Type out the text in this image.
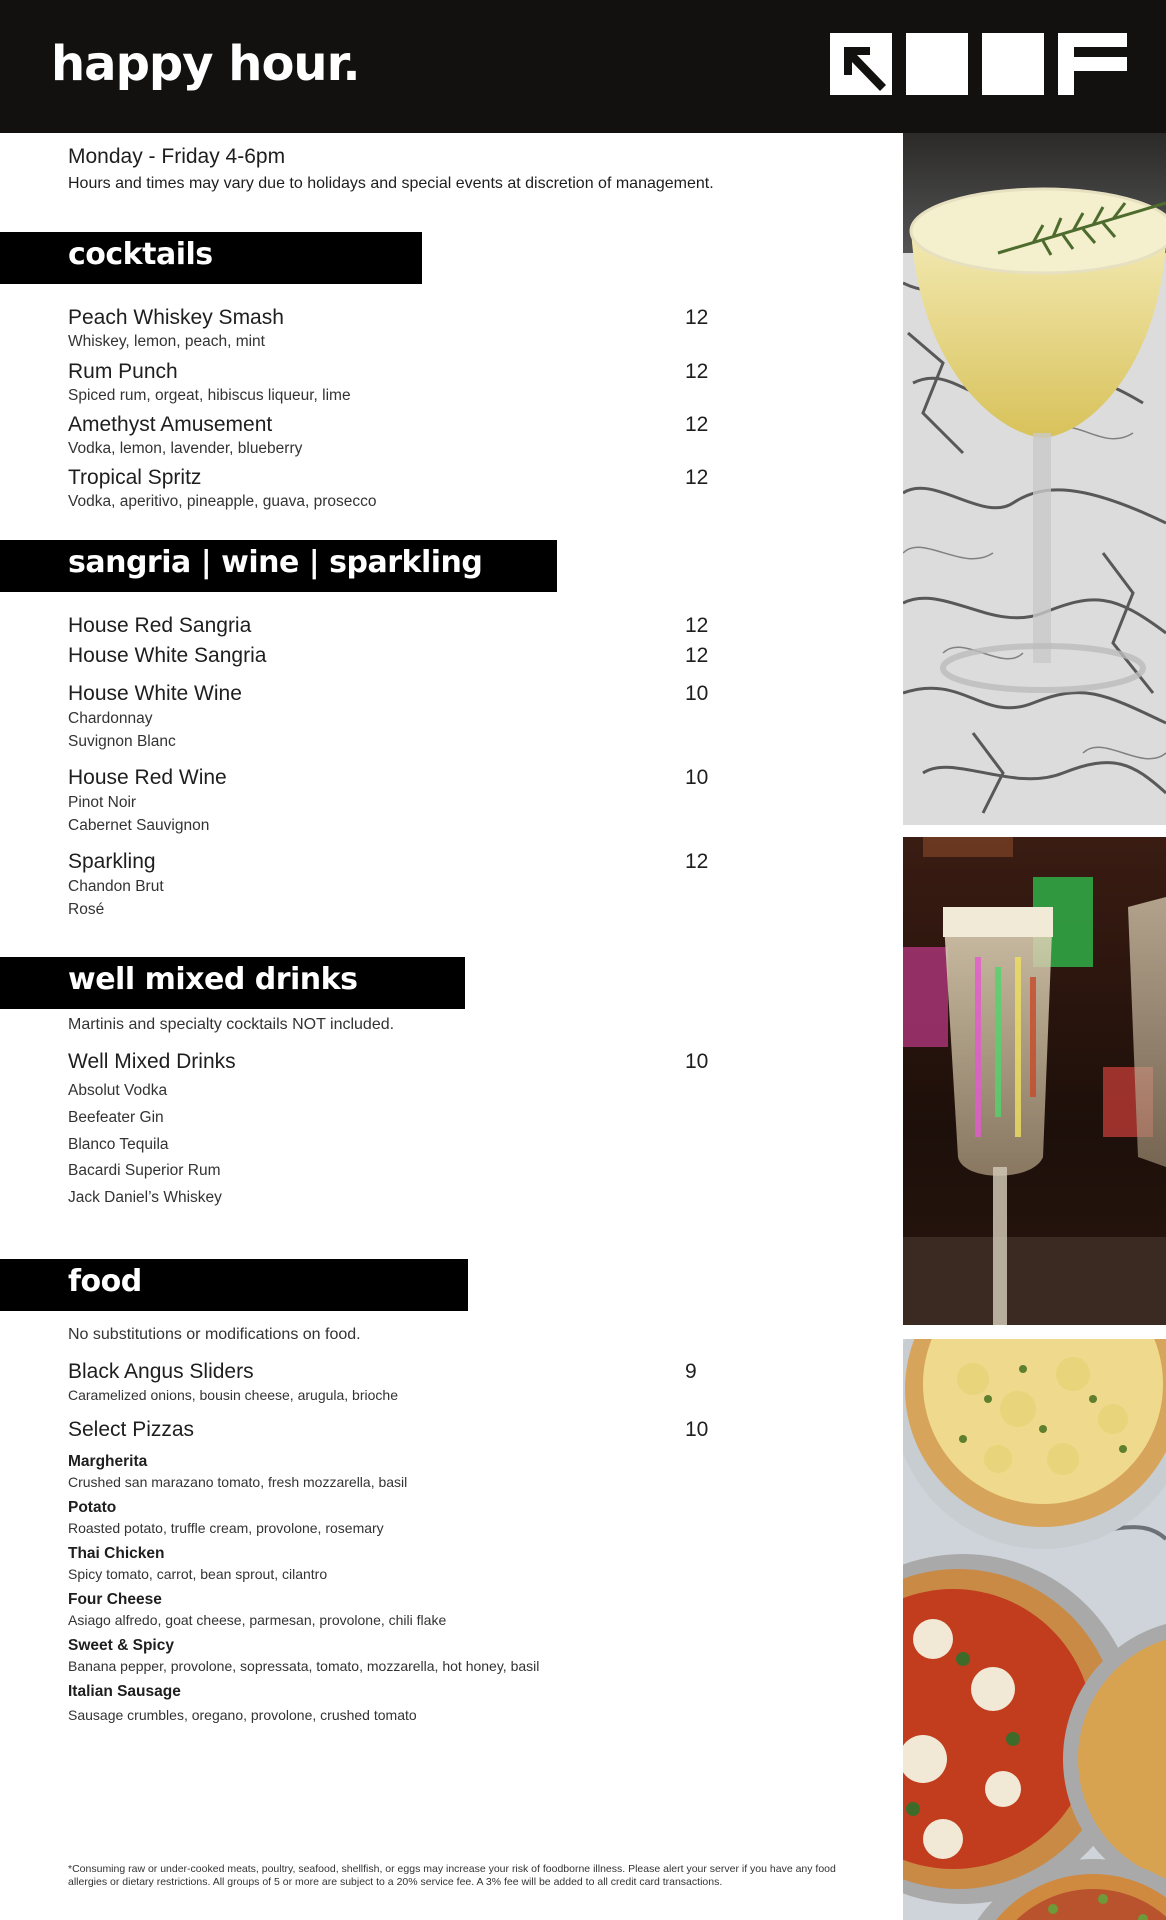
happy hour.
Monday - Friday 4-6pm
Hours and times may vary due to holidays and special events at discretion of management.
cocktails
Peach Whiskey Smash	12
Whiskey, lemon, peach, mint
Rum Punch	12
Spiced rum, orgeat, hibiscus liqueur, lime
Amethyst Amusement	12
Vodka, lemon, lavender, blueberry
Tropical Spritz	12
Vodka, aperitivo, pineapple, guava, prosecco
sangria | wine | sparkling
House Red Sangria	12
House White Sangria	12
House White Wine	10
Chardonnay
Suvignon Blanc
House Red Wine	10
Pinot Noir
Cabernet Sauvignon
Sparkling	12
Chandon Brut
Rosé
well mixed drinks
Martinis and specialty cocktails NOT included.
Well Mixed Drinks	10
Absolut Vodka
Beefeater Gin
Blanco Tequila
Bacardi Superior Rum
Jack Daniel’s Whiskey
food
No substitutions or modifications on food.
Black Angus Sliders	9
Caramelized onions, bousin cheese, arugula, brioche
Select Pizzas	10
Margherita
Crushed san marazano tomato, fresh mozzarella, basil
Potato
Roasted potato, truffle cream, provolone, rosemary
Thai Chicken
Spicy tomato, carrot, bean sprout, cilantro
Four Cheese
Asiago alfredo, goat cheese, parmesan, provolone, chili flake
Sweet & Spicy
Banana pepper, provolone, sopressata, tomato, mozzarella, hot honey, basil
Italian Sausage
Sausage crumbles, oregano, provolone, crushed tomato
*Consuming raw or under-cooked meats, poultry, seafood, shellfish, or eggs may increase your risk of foodborne illness. Please alert your server if you have any food allergies or dietary restrictions. All groups of 5 or more are subject to a 20% service fee. A 3% fee will be added to all credit card transactions.
